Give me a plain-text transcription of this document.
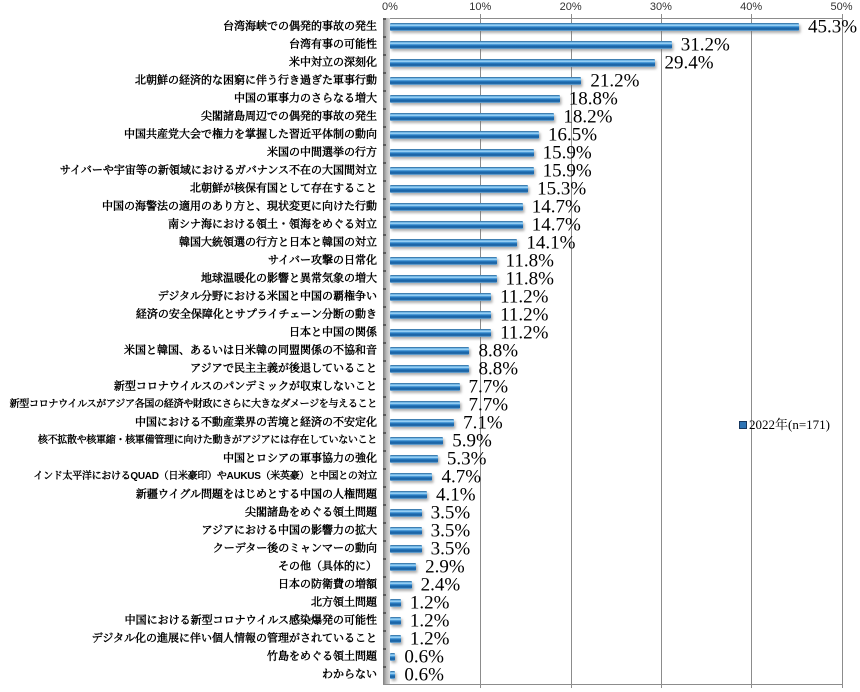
0%	10%	20%	30%	40%	50%
台湾海峡での偶発的事故の発生	45.3%
台湾有事の可能性	31.2%
米中対立の深刻化	29.4%
北朝鮮の経済的な困窮に伴う行き過ぎた軍事行動	21.2%
中国の軍事力のさらなる増大	18.8%
尖閣諸島周辺での偶発的事故の発生	18.2%
中国共産党大会で権力を掌握した習近平体制の動向	16.5%
米国の中間選挙の行方	15.9%
サイバーや宇宙等の新領域におけるガバナンス不在の大国間対立	15.9%
北朝鮮が核保有国として存在すること	15.3%
中国の海警法の適用のあり方と、現状変更に向けた行動	14.7%
南シナ海における領土・領海をめぐる対立	14.7%
韓国大統領選の行方と日本と韓国の対立	14.1%
サイバー攻撃の日常化	11.8%
地球温暖化の影響と異常気象の増大	11.8%
デジタル分野における米国と中国の覇権争い	11.2%
経済の安全保障化とサプライチェーン分断の動き	11.2%
日本と中国の関係	11.2%
米国と韓国、あるいは日米韓の同盟関係の不協和音	8.8%
アジアで民主主義が後退していること	8.8%
新型コロナウイルスのパンデミックが収束しないこと	7.7%
新型コロナウイルスがアジア各国の経済や財政にさらに大きなダメージを与えること	7.7%
中国における不動産業界の苦境と経済の不安定化	7.1%
核不拡散や核軍縮・核軍備管理に向けた動きがアジアには存在していないこと	5.9%
中国とロシアの軍事協力の強化	5.3%
インド太平洋におけるQUAD（日米豪印）やAUKUS（米英豪）と中国との対立	4.7%
新疆ウイグル問題をはじめとする中国の人権問題	4.1%
尖閣諸島をめぐる領土問題	3.5%
アジアにおける中国の影響力の拡大	3.5%
クーデター後のミャンマーの動向	3.5%
その他（具体的に）	2.9%
日本の防衛費の増額 2.4%
北方領土問題 1.2%
中国における新型コロナウイルス感染爆発の可能性 1.2%
デジタル化の進展に伴い個人情報の管理がされていること 1.2%
竹島をめぐる領土問題 0.6%
わからない 0.6%
2022年(n=171)
